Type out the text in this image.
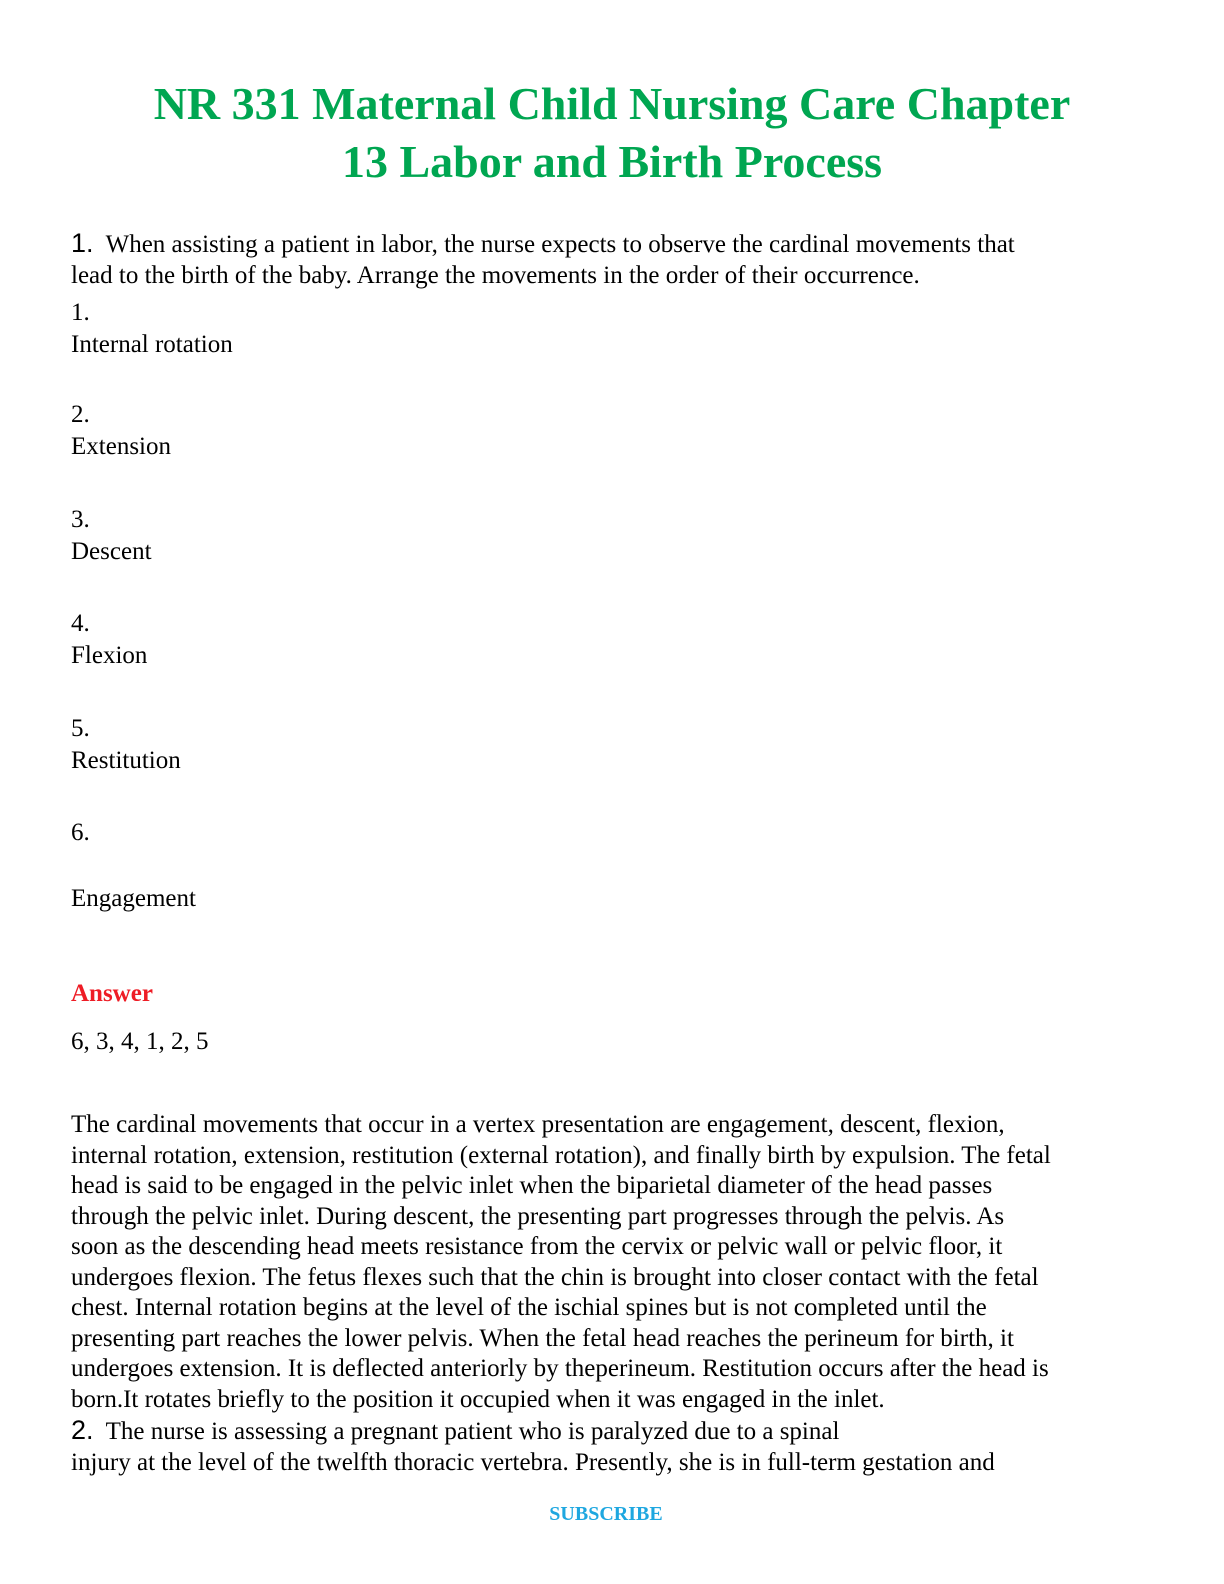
NR 331 Maternal Child Nursing Care Chapter
13 Labor and Birth Process
1. When assisting a patient in labor, the nurse expects to observe the cardinal movements that
lead to the birth of the baby. Arrange the movements in the order of their occurrence.
1.
Internal rotation
2.
Extension
3.
Descent
4.
Flexion
5.
Restitution
6.
Engagement
Answer
6, 3, 4, 1, 2, 5
The cardinal movements that occur in a vertex presentation are engagement, descent, flexion,
internal rotation, extension, restitution (external rotation), and finally birth by expulsion. The fetal
head is said to be engaged in the pelvic inlet when the biparietal diameter of the head passes
through the pelvic inlet. During descent, the presenting part progresses through the pelvis. As
soon as the descending head meets resistance from the cervix or pelvic wall or pelvic floor, it
undergoes flexion. The fetus flexes such that the chin is brought into closer contact with the fetal
chest. Internal rotation begins at the level of the ischial spines but is not completed until the
presenting part reaches the lower pelvis. When the fetal head reaches the perineum for birth, it
undergoes extension. It is deflected anteriorly by theperineum. Restitution occurs after the head is
born.It rotates briefly to the position it occupied when it was engaged in the inlet.
2. The nurse is assessing a pregnant patient who is paralyzed due to a spinal
injury at the level of the twelfth thoracic vertebra. Presently, she is in full-term gestation and
SUBSCRIBE
